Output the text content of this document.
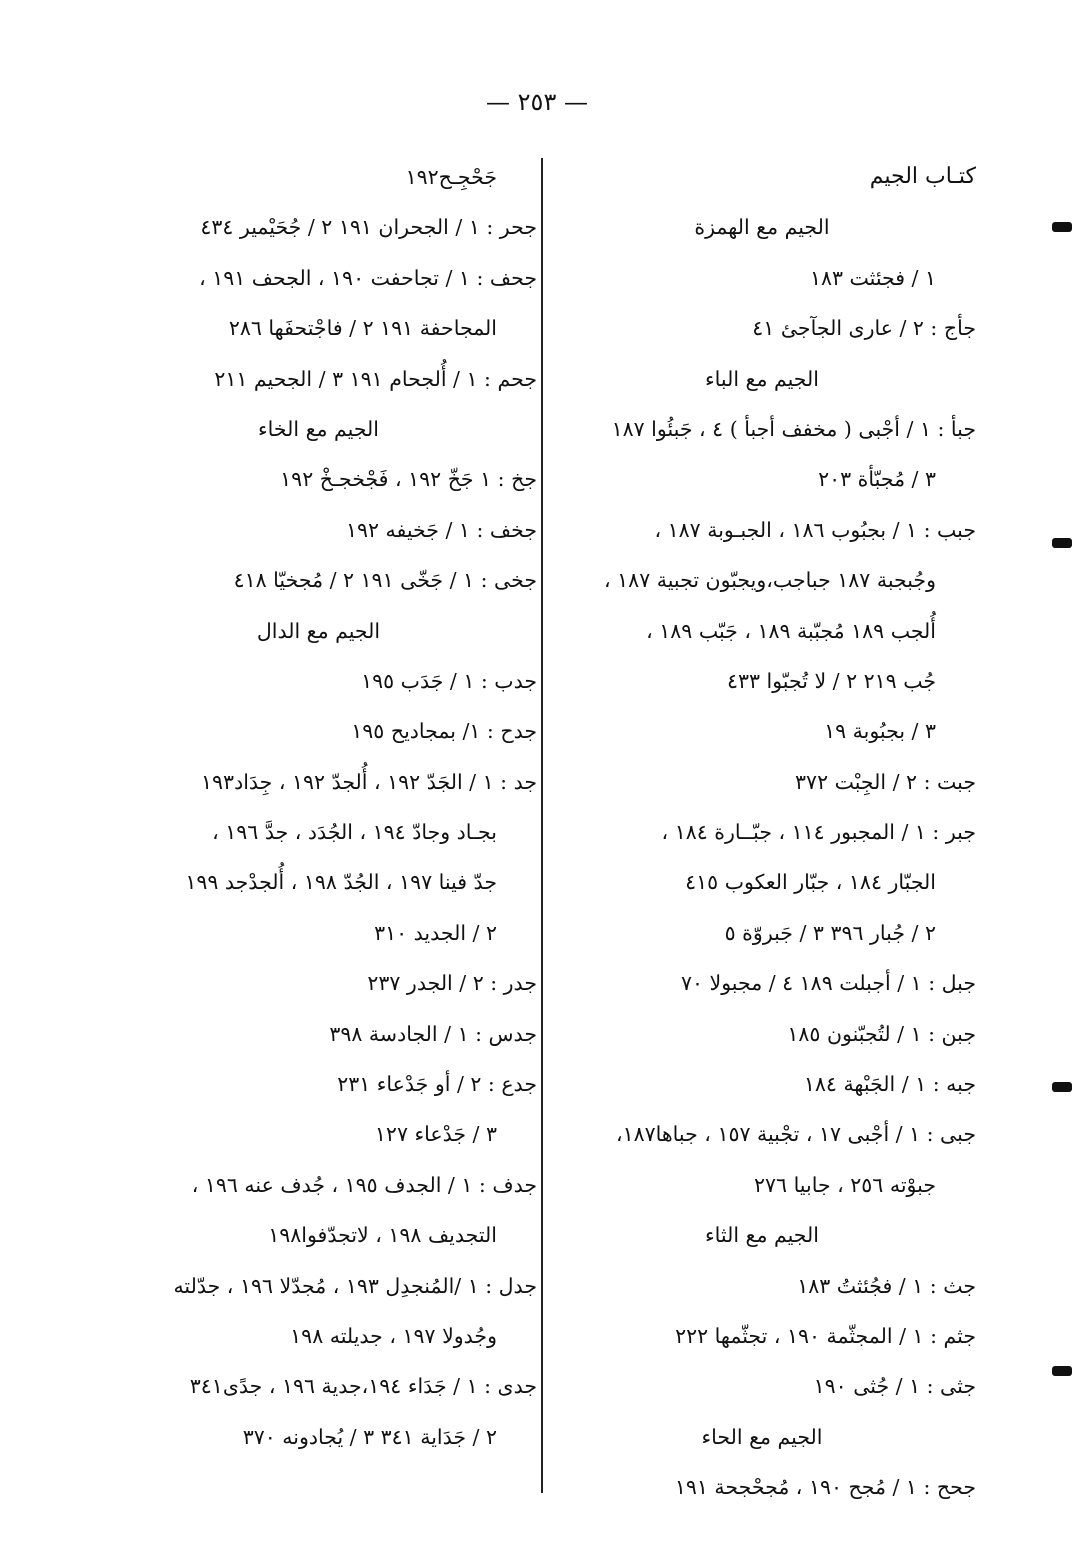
— ٢٥٣ —
كتـاب الجيم
الجيم مع الهمزة
١ / فجئثت ١٨٣
جأج : ٢ / عارى الجآجئ ٤١
الجيم مع الباء
جبأ : ١ / أجْبى ( مخفف أجبأ ) ٤ ، جَبئُوا ١٨٧
٣ / مُجبّأة ٢٠٣
جبب : ١ / بجبُوب ١٨٦ ، الجبـوبة ١٨٧ ،
وجُبجبة ١٨٧ جباجب،ويجبّون تجبية ١٨٧ ،
أُلجب ١٨٩ مُجبّبة ١٨٩ ، جَبّب ١٨٩ ،
جُب ٢١٩ ٢ / لا تُجبّوا ٤٣٣
٣ / بجبُوبة ١٩
جبت : ٢ / الجِبْت ٣٧٢
جبر : ١ / المجبور ١١٤ ، جبّــارة ١٨٤ ،
الجبّار ١٨٤ ، جبّار العكوب ٤١٥
٢ / جُبار ٣٩٦ ٣ / جَبروّة ٥
جبل : ١ / أجبلت ١٨٩ ٤ / مجبولا ٧٠
جبن : ١ / لتُجبّنون ١٨٥
جبه : ١ / الجَبْهة ١٨٤
جبى : ١ / أجْبى ١٧ ، تجْبية ١٥٧ ، جباها١٨٧،
جبوْته ٢٥٦ ، جابيا ٢٧٦
الجيم مع الثاء
جث : ١ / فجُئثتُ ١٨٣
جثم : ١ / المجثّمة ١٩٠ ، تجثّمها ٢٢٢
جثى : ١ / جُثى ١٩٠
الجيم مع الحاء
جحح : ١ / مُجح ١٩٠ ، مُجحْجحة ١٩١
جَحْجِـح١٩٢
جحر : ١ / الجحران ١٩١ ٢ / جُحَيْمير ٤٣٤
جحف : ١ / تجاحفت ١٩٠ ، الجحف ١٩١ ،
المجاحفة ١٩١ ٢ / فاجْتحفَها ٢٨٦
جحم : ١ / أُلجحام ١٩١ ٣ / الجحيم ٢١١
الجيم مع الخاء
جخ : ١ جَخّ ١٩٢ ، فَجْخجـخْ ١٩٢
جخف : ١ / جَخيفه ١٩٢
جخى : ١ / جَخّى ١٩١ ٢ / مُجخيّا ٤١٨
الجيم مع الدال
جدب : ١ / جَدَب ١٩٥
جدح : ١/ بمجاديح ١٩٥
جد : ١ / الجَدّ ١٩٢ ، أُلجدّ ١٩٢ ، جِدَاد١٩٣
بجـاد وجادّ ١٩٤ ، الجُدَد ، جدَّ ١٩٦ ،
جدّ فينا ١٩٧ ، الجُدّ ١٩٨ ، أُلجدْجد ١٩٩
٢ / الجديد ٣١٠
جدر : ٢ / الجدر ٢٣٧
جدس : ١ / الجادسة ٣٩٨
جدع : ٢ / أو جَدْعاء ٢٣١
٣ / جَدْعاء ١٢٧
جدف : ١ / الجدف ١٩٥ ، جُدف عنه ١٩٦ ،
التجديف ١٩٨ ، لاتجدّفوا١٩٨
جدل : ١ /المُنجدِل ١٩٣ ، مُجدّلا ١٩٦ ، جدّلته
وجُدولا ١٩٧ ، جديلته ١٩٨
جدى : ١ / جَدَاء ١٩٤،جدية ١٩٦ ، جدًى٣٤١
٢ / جَدَاية ٣٤١ ٣ / يُجادونه ٣٧٠
